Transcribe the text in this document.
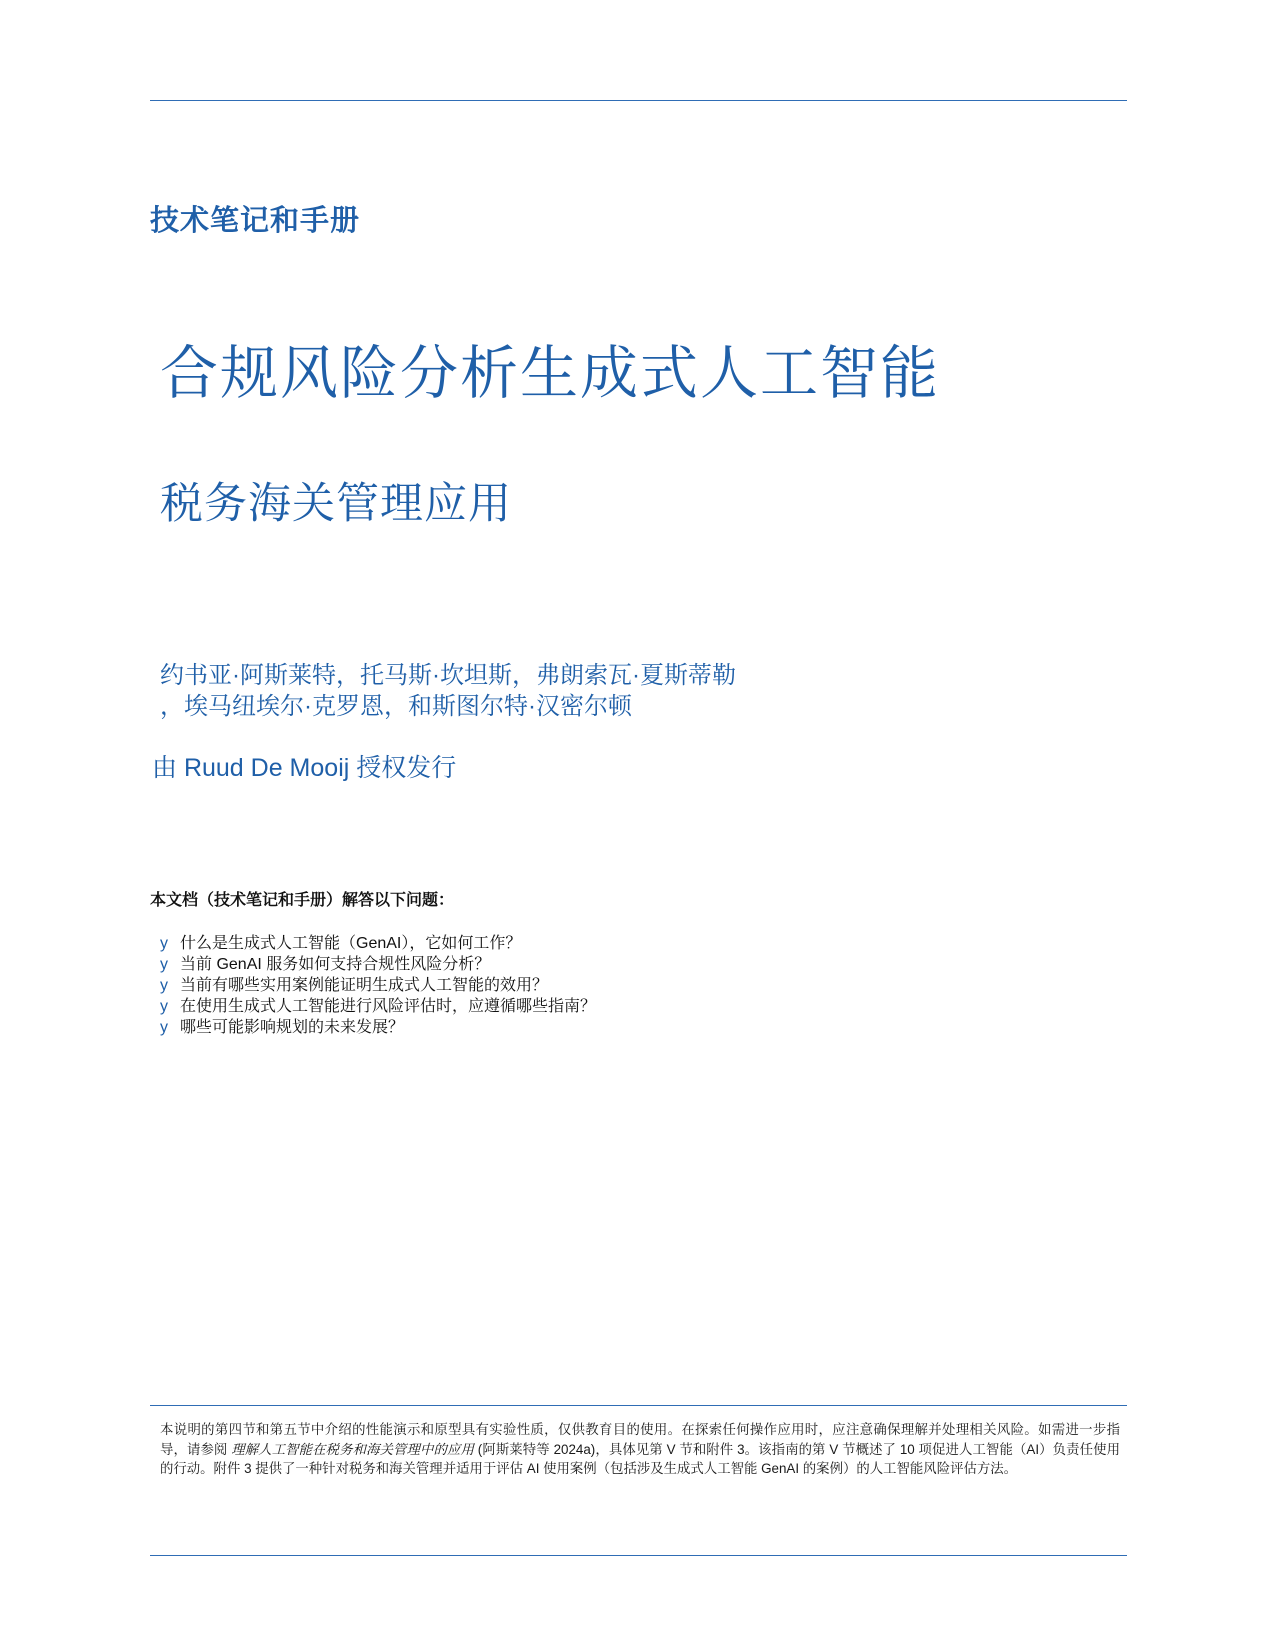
技术笔记和手册
合规风险分析生成式人工智能
税务海关管理应用
约书亚·阿斯莱特，托马斯·坎坦斯，弗朗索瓦·夏斯蒂勒
，埃马纽埃尔·克罗恩，和斯图尔特·汉密尔顿
由 Ruud De Mooij 授权发行
本文档（技术笔记和手册）解答以下问题：
y 什么是生成式人工智能（GenAI），它如何工作？
y 当前 GenAI 服务如何支持合规性风险分析？
y 当前有哪些实用案例能证明生成式人工智能的效用？
y 在使用生成式人工智能进行风险评估时，应遵循哪些指南？
y 哪些可能影响规划的未来发展？
本说明的第四节和第五节中介绍的性能演示和原型具有实验性质，仅供教育目的使用。在探索任何操作应用时，应注意确保理解并处理相关风险。如需进一步指导，请参阅 理解人工智能在税务和海关管理中的应用 (阿斯莱特等 2024a)，具体见第 V 节和附件 3。该指南的第 V 节概述了 10 项促进人工智能（AI）负责任使用的行动。附件 3 提供了一种针对税务和海关管理并适用于评估 AI 使用案例（包括涉及生成式人工智能 GenAI 的案例）的人工智能风险评估方法。
